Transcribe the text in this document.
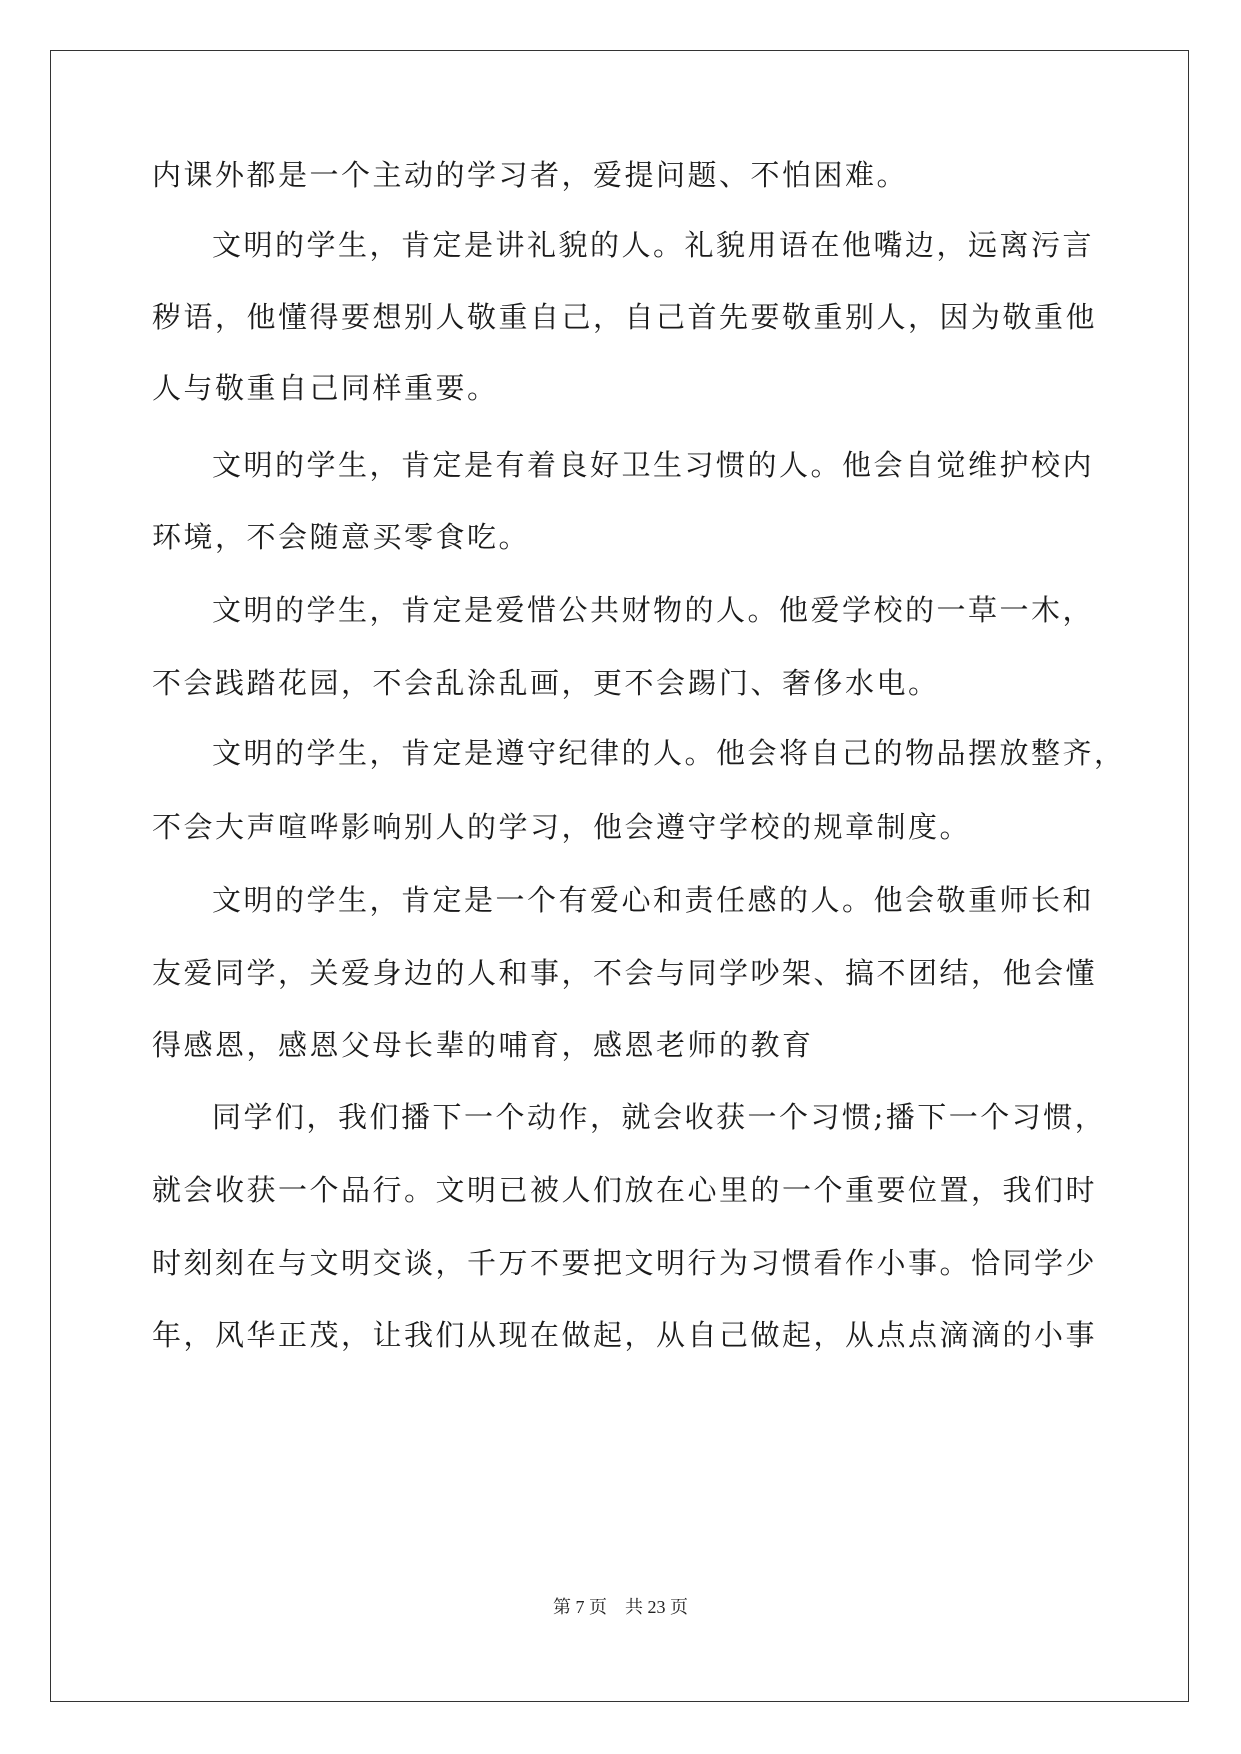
内课外都是一个主动的学习者，爱提问题、不怕困难。
文明的学生，肯定是讲礼貌的人。礼貌用语在他嘴边，远离污言
秽语，他懂得要想别人敬重自己，自己首先要敬重别人，因为敬重他
人与敬重自己同样重要。
文明的学生，肯定是有着良好卫生习惯的人。他会自觉维护校内
环境，不会随意买零食吃。
文明的学生，肯定是爱惜公共财物的人。他爱学校的一草一木，
不会践踏花园，不会乱涂乱画，更不会踢门、奢侈水电。
文明的学生，肯定是遵守纪律的人。他会将自己的物品摆放整齐，
不会大声喧哗影响别人的学习，他会遵守学校的规章制度。
文明的学生，肯定是一个有爱心和责任感的人。他会敬重师长和
友爱同学，关爱身边的人和事，不会与同学吵架、搞不团结，他会懂
得感恩，感恩父母长辈的哺育，感恩老师的教育
同学们，我们播下一个动作，就会收获一个习惯;播下一个习惯，
就会收获一个品行。文明已被人们放在心里的一个重要位置，我们时
时刻刻在与文明交谈，千万不要把文明行为习惯看作小事。恰同学少
年，风华正茂，让我们从现在做起，从自己做起，从点点滴滴的小事
第 7 页 共 23 页
